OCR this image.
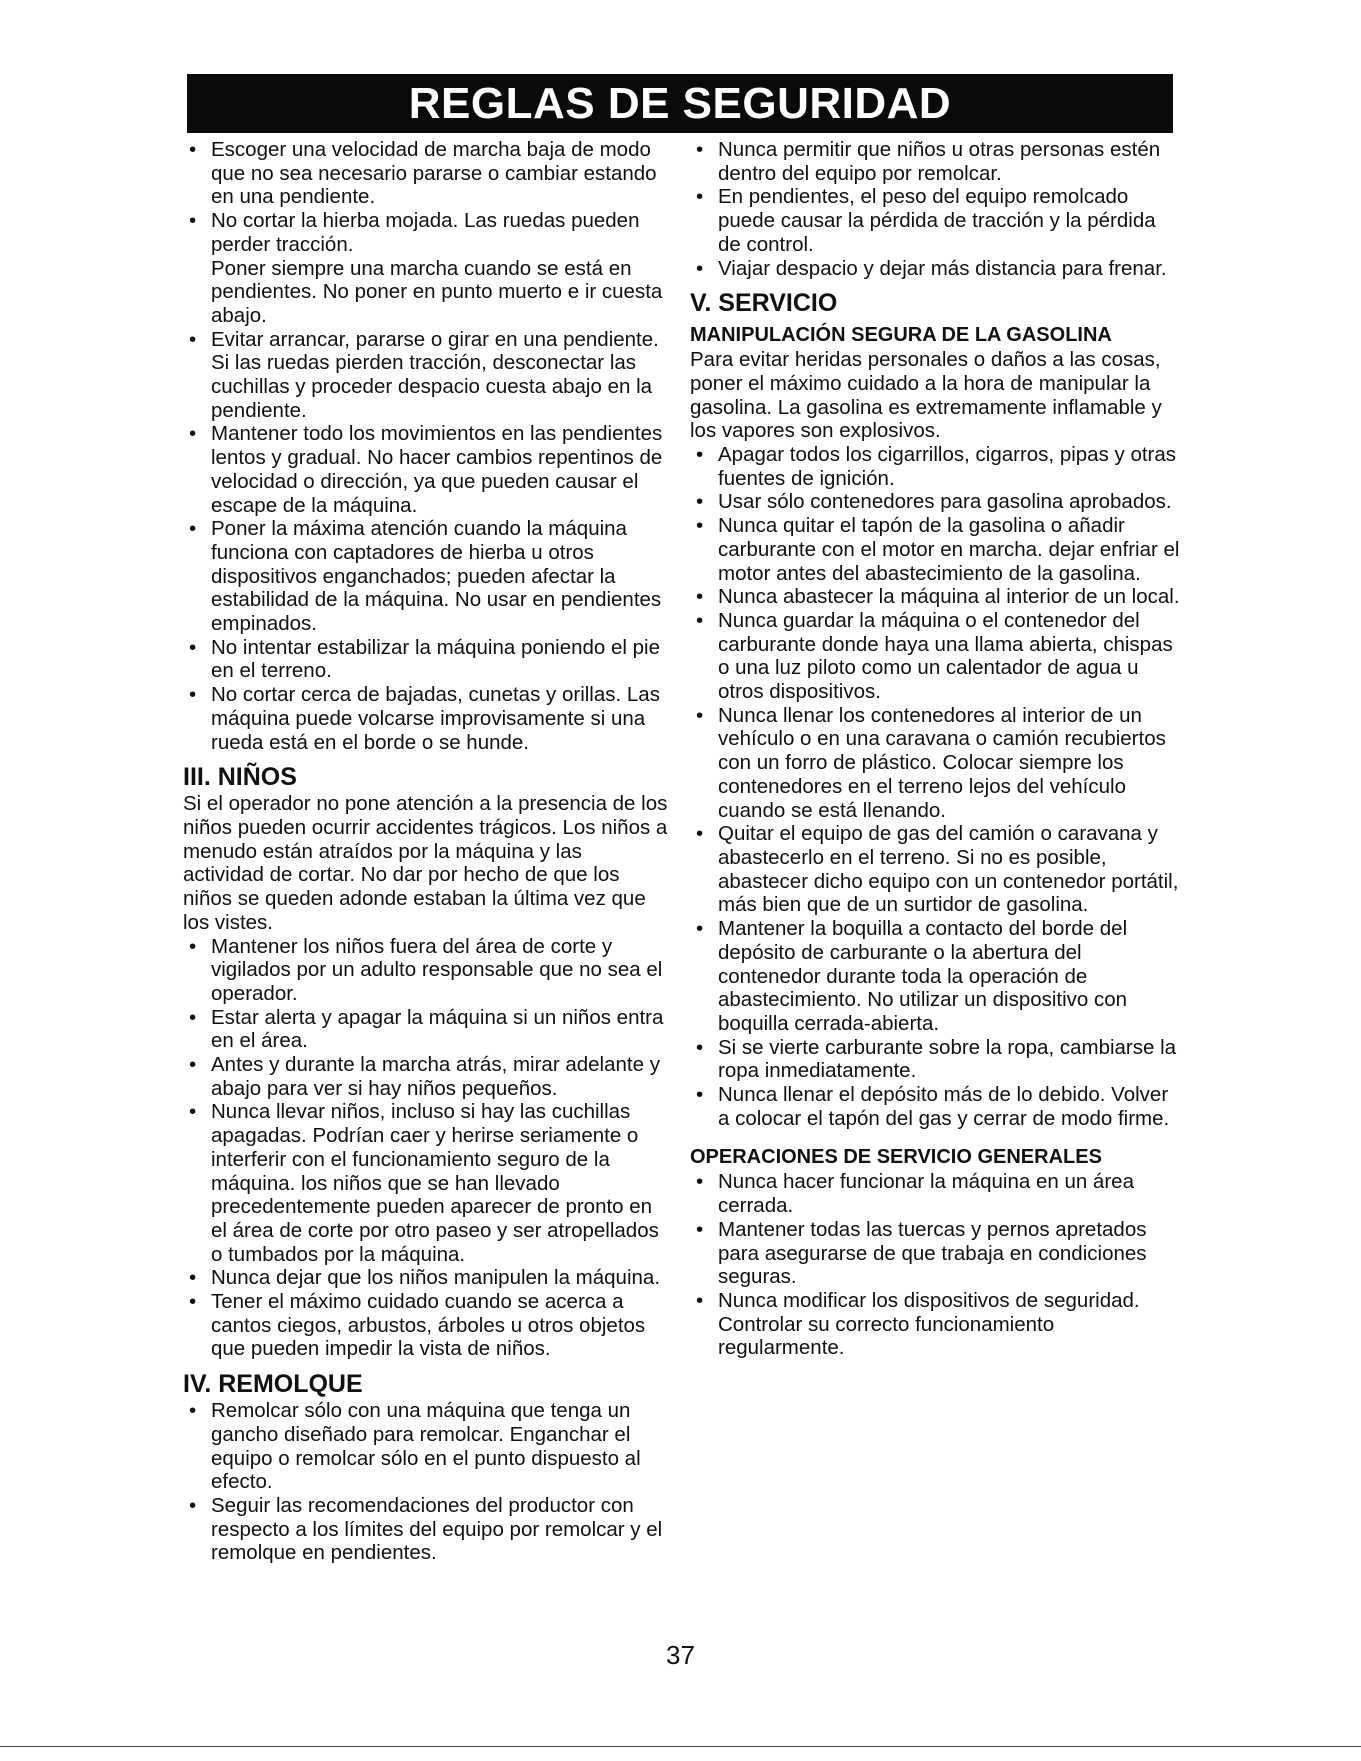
REGLAS DE SEGURIDAD
• Escoger una velocidad de marcha baja de modo que no sea necesario pararse o cambiar estando en una pendiente.
• No cortar la hierba mojada. Las ruedas pueden perder tracción.

Poner siempre una marcha cuando se está en pendientes. No poner en punto muerto e ir cuesta abajo.

• Evitar arrancar, pararse o girar en una pendiente. Si las ruedas pierden tracción, desconectar las cuchillas y proceder despacio cuesta abajo en la pendiente.
• Mantener todo los movimientos en las pendientes lentos y gradual. No hacer cambios repentinos de velocidad o dirección, ya que pueden causar el escape de la máquina.
• Poner la máxima atención cuando la máquina funciona con captadores de hierba u otros dispositivos enganchados; pueden afectar la estabilidad de la máquina. No usar en pendientes empinados.
• No intentar estabilizar la máquina poniendo el pie en el terreno.
• No cortar cerca de bajadas, cunetas y orillas. Las máquina puede volcarse improvisamente si una rueda está en el borde o se hunde.
III. NIÑOS

Si el operador no pone atención a la presencia de los niños pueden ocurrir accidentes trágicos. Los niños a menudo están atraídos por la máquina y las actividad de cortar. No dar por hecho de que los niños se queden adonde estaban la última vez que los vistes.

• Mantener los niños fuera del área de corte y vigilados por un adulto responsable que no sea el operador.
• Estar alerta y apagar la máquina si un niños entra en el área.
• Antes y durante la marcha atrás, mirar adelante y abajo para ver si hay niños pequeños.
• Nunca llevar niños, incluso si hay las cuchillas apagadas. Podrían caer y herirse seriamente o interferir con el funcionamiento seguro de la máquina. los niños que se han llevado precedentemente pueden aparecer de pronto en el área de corte por otro paseo y ser atropellados o tumbados por la máquina.
• Nunca dejar que los niños manipulen la máquina.
• Tener el máximo cuidado cuando se acerca a cantos ciegos, arbustos, árboles u otros objetos que pueden impedir la vista de niños.
IV. REMOLQUE
• Remolcar sólo con una máquina que tenga un gancho diseñado para remolcar. Enganchar el equipo o remolcar sólo en el punto dispuesto al efecto.
• Seguir las recomendaciones del productor con respecto a los límites del equipo por remolcar y el remolque en pendientes.
• Nunca permitir que niños u otras personas estén dentro del equipo por remolcar.
• En pendientes, el peso del equipo remolcado puede causar la pérdida de tracción y la pérdida de control.
• Viajar despacio y dejar más distancia para frenar.
V. SERVICIO
MANIPULACIÓN SEGURA DE LA GASOLINA

Para evitar heridas personales o daños a las cosas, poner el máximo cuidado a la hora de manipular la gasolina. La gasolina es extremamente inflamable y los vapores son explosivos.

• Apagar todos los cigarrillos, cigarros, pipas y otras fuentes de ignición.
• Usar sólo contenedores para gasolina aprobados.
• Nunca quitar el tapón de la gasolina o añadir carburante con el motor en marcha. dejar enfriar el motor antes del abastecimiento de la gasolina.
• Nunca abastecer la máquina al interior de un local.
• Nunca guardar la máquina o el contenedor del carburante donde haya una llama abierta, chispas o una luz piloto como un calentador de agua u otros dispositivos.
• Nunca llenar los contenedores al interior de un vehículo o en una caravana o camión recubiertos con un forro de plástico. Colocar siempre los contenedores en el terreno lejos del vehículo cuando se está llenando.
• Quitar el equipo de gas del camión o caravana y abastecerlo en el terreno. Si no es posible, abastecer dicho equipo con un contenedor portátil, más bien que de un surtidor de gasolina.
• Mantener la boquilla a contacto del borde del depósito de carburante o la abertura del contenedor durante toda la operación de abastecimiento. No utilizar un dispositivo con boquilla cerrada-abierta.
• Si se vierte carburante sobre la ropa, cambiarse la ropa inmediatamente.
• Nunca llenar el depósito más de lo debido. Volver a colocar el tapón del gas y cerrar de modo firme.
OPERACIONES DE SERVICIO GENERALES
• Nunca hacer funcionar la máquina en un área cerrada.
• Mantener todas las tuercas y pernos apretados para asegurarse de que trabaja en condiciones seguras.
• Nunca modificar los dispositivos de seguridad. Controlar su correcto funcionamiento regularmente.
37
